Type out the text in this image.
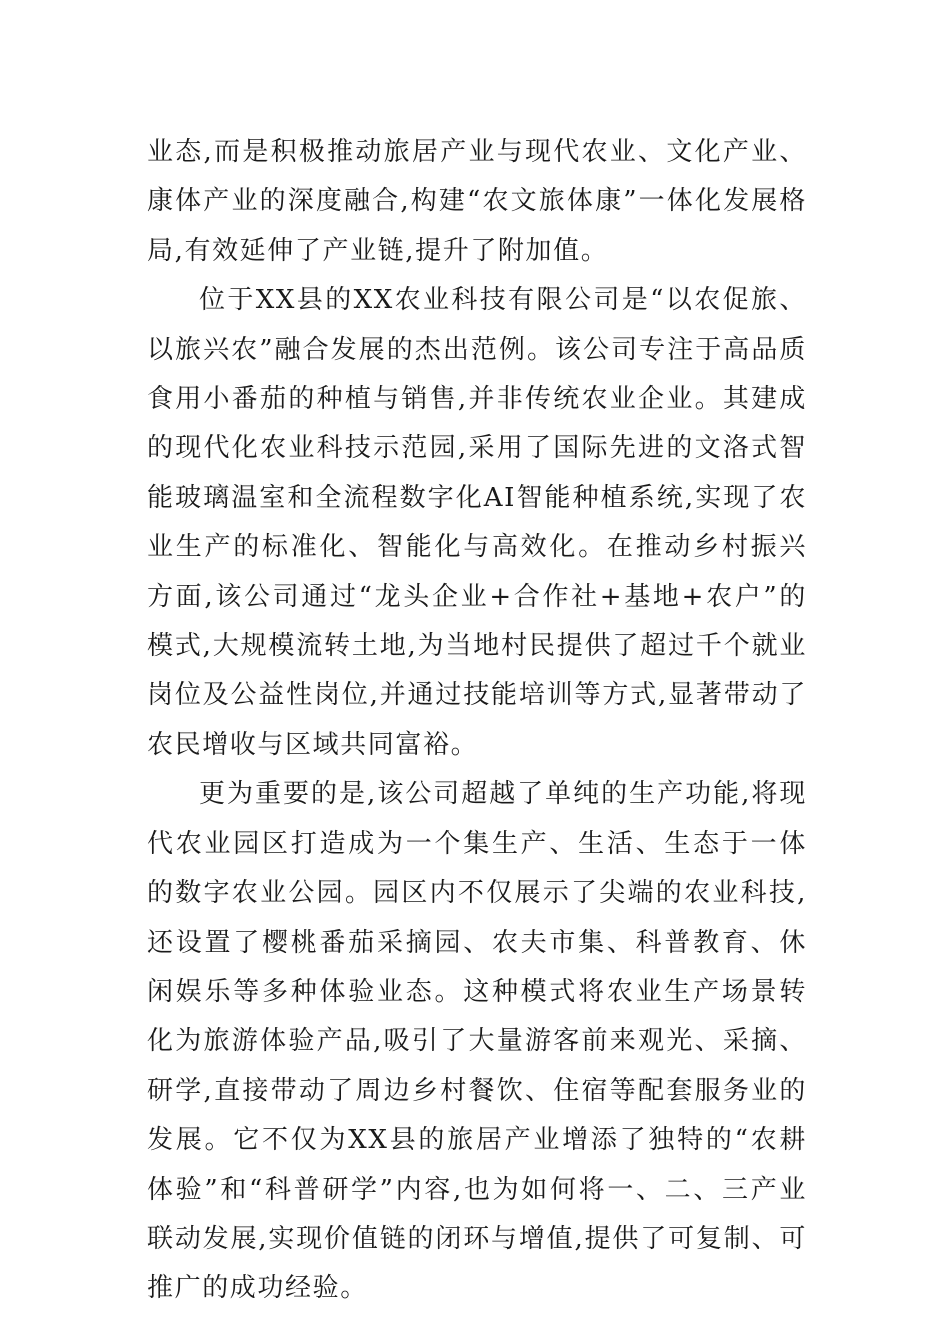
业态,而是积极推动旅居产业与现代农业、文化产业、康体产业的深度融合,构建“农文旅体康”一体化发展格局,有效延伸了产业链,提升了附加值。

位于XX县的XX农业科技有限公司是“以农促旅、以旅兴农”融合发展的杰出范例。该公司专注于高品质食用小番茄的种植与销售,并非传统农业企业。其建成的现代化农业科技示范园,采用了国际先进的文洛式智能玻璃温室和全流程数字化AI智能种植系统,实现了农业生产的标准化、智能化与高效化。在推动乡村振兴方面,该公司通过“龙头企业+合作社+基地+农户”的模式,大规模流转土地,为当地村民提供了超过千个就业岗位及公益性岗位,并通过技能培训等方式,显著带动了农民增收与区域共同富裕。

更为重要的是,该公司超越了单纯的生产功能,将现代农业园区打造成为一个集生产、生活、生态于一体的数字农业公园。园区内不仅展示了尖端的农业科技,还设置了樱桃番茄采摘园、农夫市集、科普教育、休闲娱乐等多种体验业态。这种模式将农业生产场景转化为旅游体验产品,吸引了大量游客前来观光、采摘、研学,直接带动了周边乡村餐饮、住宿等配套服务业的发展。它不仅为XX县的旅居产业增添了独特的“农耕体验”和“科普研学”内容,也为如何将一、二、三产业联动发展,实现价值链的闭环与增值,提供了可复制、可推广的成功经验。
